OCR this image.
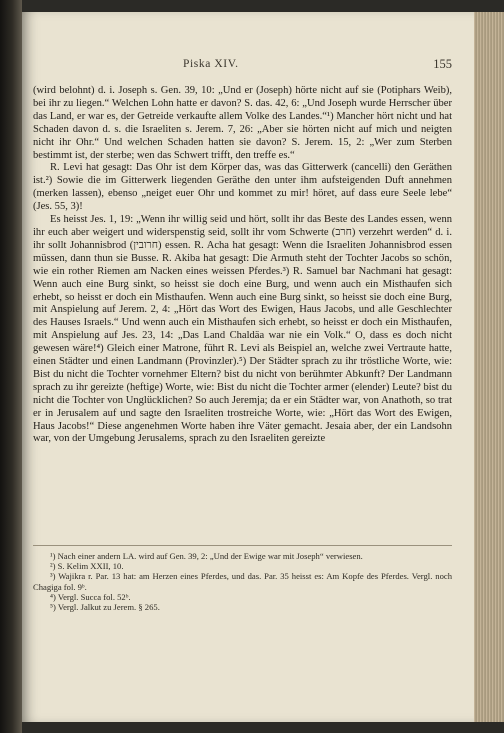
Piska XIV.	155

(wird belohnt) d. i. Joseph s. Gen. 39, 10: „Und er (Joseph) hörte nicht auf sie (Potiphars Weib), bei ihr zu liegen.“ Welchen Lohn hatte er davon? S. das. 42, 6: „Und Joseph wurde Herrscher über das Land, er war es, der Getreide verkaufte allem Volke des Landes.“¹) Mancher hört nicht und hat Schaden davon d. s. die Israeliten s. Jerem. 7, 26: „Aber sie hörten nicht auf mich und neigten nicht ihr Ohr.“ Und welchen Schaden hatten sie davon? S. Jerem. 15, 2: „Wer zum Sterben bestimmt ist, der sterbe; wen das Schwert trifft, den treffe es.“

R. Levi hat gesagt: Das Ohr ist dem Körper das, was das Gitterwerk (cancelli) den Geräthen ist.²) Sowie die im Gitterwerk liegenden Geräthe den unter ihm aufsteigenden Duft annehmen (merken lassen), ebenso „neiget euer Ohr und kommet zu mir! höret, auf dass eure Seele lebe“ (Jes. 55, 3)!

Es heisst Jes. 1, 19: „Wenn ihr willig seid und hört, sollt ihr das Beste des Landes essen, wenn ihr euch aber weigert und widerspenstig seid, sollt ihr vom Schwerte (חרב) verzehrt werden“ d. i. ihr sollt Johannisbrod (חרובין) essen. R. Acha hat gesagt: Wenn die Israeliten Johannisbrod essen müssen, dann thun sie Busse. R. Akiba hat gesagt: Die Armuth steht der Tochter Jacobs so schön, wie ein rother Riemen am Nacken eines weissen Pferdes.³) R. Samuel bar Nachmani hat gesagt: Wenn auch eine Burg sinkt, so heisst sie doch eine Burg, und wenn auch ein Misthaufen sich erhebt, so heisst er doch ein Misthaufen. Wenn auch eine Burg sinkt, so heisst sie doch eine Burg, mit Anspielung auf Jerem. 2, 4: „Hört das Wort des Ewigen, Haus Jacobs, und alle Geschlechter des Hauses Israels.“ Und wenn auch ein Misthaufen sich erhebt, so heisst er doch ein Misthaufen, mit Anspielung auf Jes. 23, 14: „Das Land Chaldäa war nie ein Volk.“ O, dass es doch nicht gewesen wäre!⁴) Gleich einer Matrone, führt R. Levi als Beispiel an, welche zwei Vertraute hatte, einen Städter und einen Landmann (Provinzler).⁵) Der Städter sprach zu ihr tröstliche Worte, wie: Bist du nicht die Tochter vornehmer Eltern? bist du nicht von berühmter Abkunft? Der Landmann sprach zu ihr gereizte (heftige) Worte, wie: Bist du nicht die Tochter armer (elender) Leute? bist du nicht die Tochter von Unglücklichen? So auch Jeremja; da er ein Städter war, von Anathoth, so trat er in Jerusalem auf und sagte den Israeliten trostreiche Worte, wie: „Hört das Wort des Ewigen, Haus Jacobs!“ Diese angenehmen Worte haben ihre Väter gemacht. Jesaia aber, der ein Landsohn war, von der Umgebung Jerusalems, sprach zu den Israeliten gereizte

¹) Nach einer andern LA. wird auf Gen. 39, 2: „Und der Ewige war mit Joseph“ verwiesen.

²) S. Kelim XXII, 10.

³) Wajikra r. Par. 13 hat: am Herzen eines Pferdes, und das. Par. 35 heisst es: Am Kopfe des Pferdes. Vergl. noch Chagiga fol. 9ᵇ.

⁴) Vergl. Succa fol. 52ᵇ.

⁵) Vergl. Jalkut zu Jerem. § 265.
